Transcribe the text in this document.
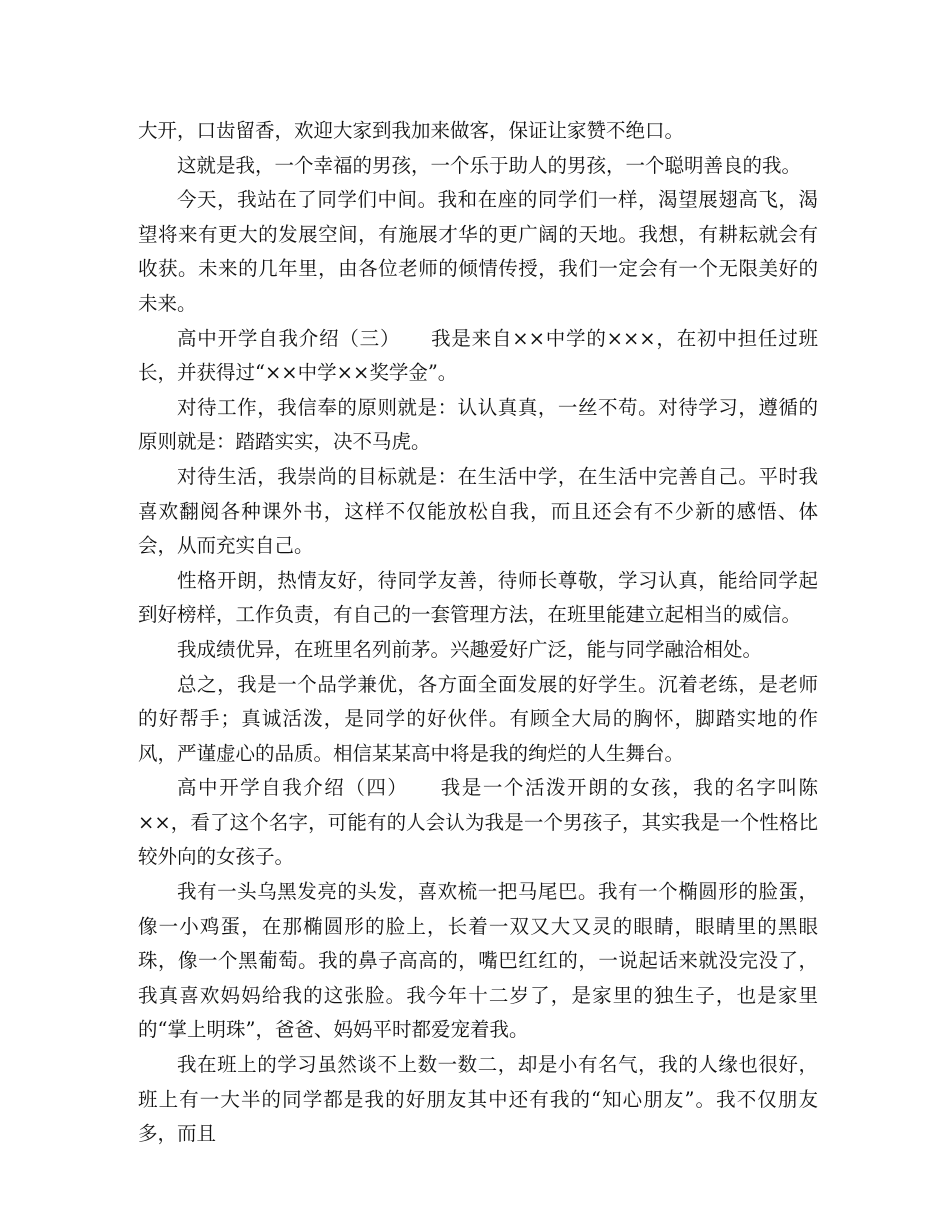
大开，口齿留香，欢迎大家到我加来做客，保证让家赞不绝口。

这就是我，一个幸福的男孩，一个乐于助人的男孩，一个聪明善良的我。

今天，我站在了同学们中间。我和在座的同学们一样，渴望展翅高飞，渴望将来有更大的发展空间，有施展才华的更广阔的天地。我想，有耕耘就会有收获。未来的几年里，由各位老师的倾情传授，我们一定会有一个无限美好的未来。

高中开学自我介绍（三）　　我是来自××中学的×××，在初中担任过班长，并获得过“××中学××奖学金”。

对待工作，我信奉的原则就是：认认真真，一丝不苟。对待学习，遵循的原则就是：踏踏实实，决不马虎。

对待生活，我崇尚的目标就是：在生活中学，在生活中完善自己。平时我喜欢翻阅各种课外书，这样不仅能放松自我，而且还会有不少新的感悟、体会，从而充实自己。

性格开朗，热情友好，待同学友善，待师长尊敬，学习认真，能给同学起到好榜样，工作负责，有自己的一套管理方法，在班里能建立起相当的威信。

我成绩优异，在班里名列前茅。兴趣爱好广泛，能与同学融洽相处。

总之，我是一个品学兼优，各方面全面发展的好学生。沉着老练，是老师的好帮手；真诚活泼，是同学的好伙伴。有顾全大局的胸怀，脚踏实地的作风，严谨虚心的品质。相信某某高中将是我的绚烂的人生舞台。

高中开学自我介绍（四）　　我是一个活泼开朗的女孩，我的名字叫陈××，看了这个名字，可能有的人会认为我是一个男孩子，其实我是一个性格比较外向的女孩子。

我有一头乌黑发亮的头发，喜欢梳一把马尾巴。我有一个椭圆形的脸蛋，像一小鸡蛋，在那椭圆形的脸上，长着一双又大又灵的眼睛，眼睛里的黑眼珠，像一个黑葡萄。我的鼻子高高的，嘴巴红红的，一说起话来就没完没了，我真喜欢妈妈给我的这张脸。我今年十二岁了，是家里的独生子，也是家里的“掌上明珠”，爸爸、妈妈平时都爱宠着我。

我在班上的学习虽然谈不上数一数二，却是小有名气，我的人缘也很好，班上有一大半的同学都是我的好朋友其中还有我的“知心朋友”。我不仅朋友多，而且
